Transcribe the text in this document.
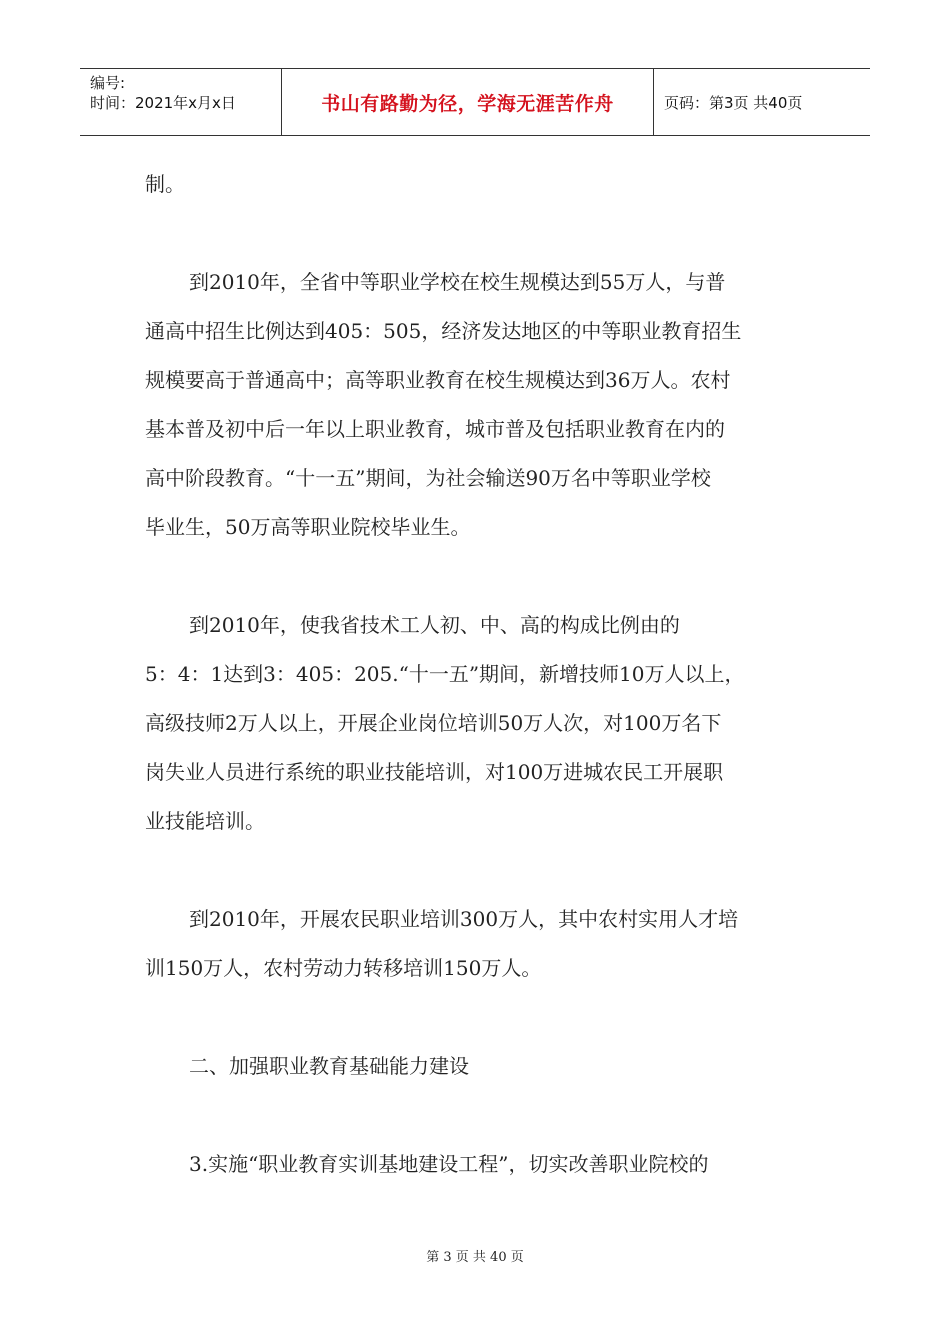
编号:
时间：2021年x月x日	书山有路勤为径，学海无涯苦作舟	页码：第3页 共40页
制。
到2010年，全省中等职业学校在校生规模达到55万人，与普
通高中招生比例达到405：505，经济发达地区的中等职业教育招生
规模要高于普通高中；高等职业教育在校生规模达到36万人。农村
基本普及初中后一年以上职业教育，城市普及包括职业教育在内的
高中阶段教育。“十一五”期间，为社会输送90万名中等职业学校
毕业生，50万高等职业院校毕业生。
到2010年，使我省技术工人初、中、高的构成比例由的
5：4：1达到3：405：205.“十一五”期间，新增技师10万人以上，
高级技师2万人以上，开展企业岗位培训50万人次，对100万名下
岗失业人员进行系统的职业技能培训，对100万进城农民工开展职
业技能培训。
到2010年，开展农民职业培训300万人，其中农村实用人才培
训150万人，农村劳动力转移培训150万人。
二、加强职业教育基础能力建设
3.实施“职业教育实训基地建设工程”，切实改善职业院校的
第 3 页 共 40 页
